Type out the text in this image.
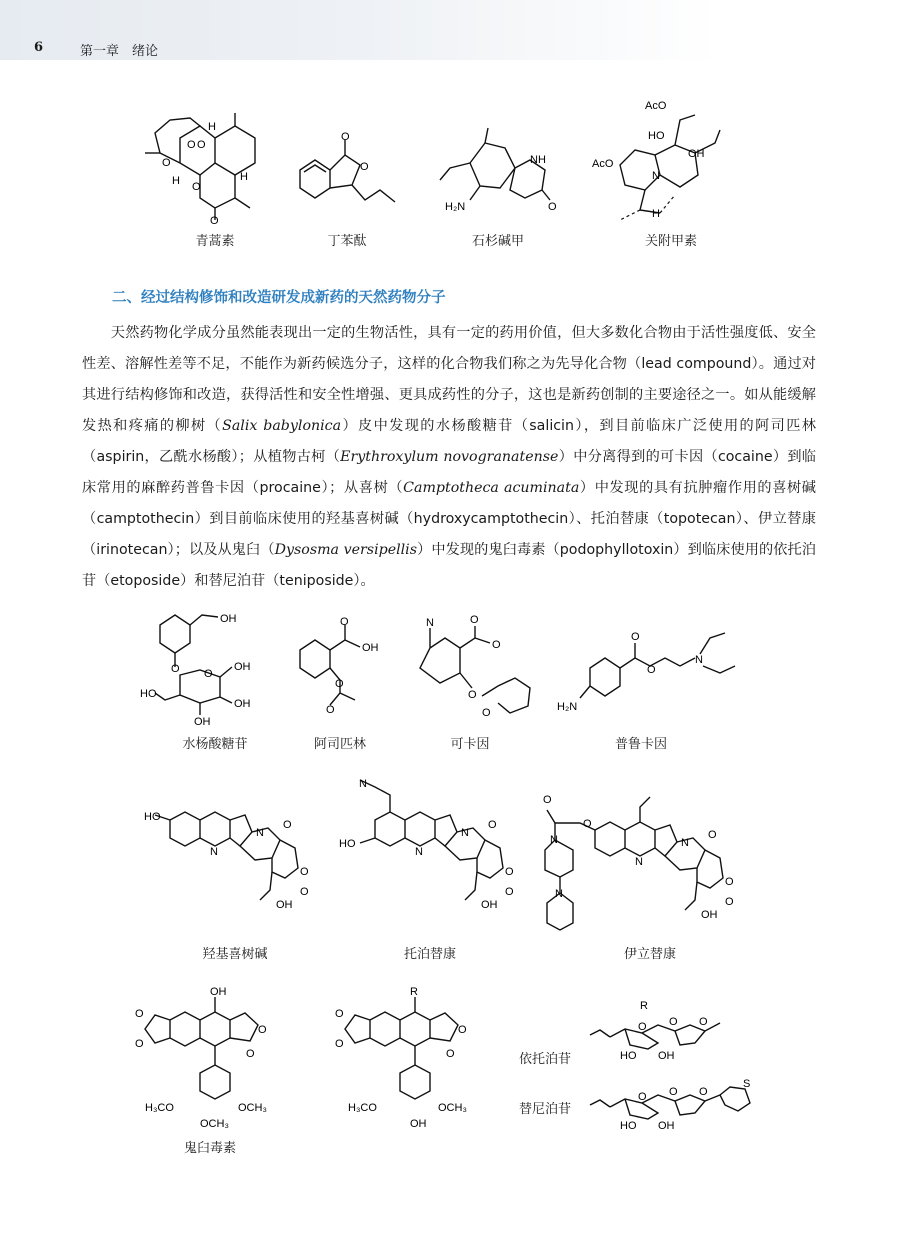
6	第一章　绪论
O O
O
H
H O
O
H
青蒿素
O
O
丁苯酞
NH
O
H₂N
石杉碱甲
AcO
HO
OH
AcO
N
H
关附甲素
二、经过结构修饰和改造研发成新药的天然药物分子
　　天然药物化学成分虽然能表现出一定的生物活性，具有一定的药用价值，但大多数化合物由于活性强度低、安全性差、溶解性差等不足，不能作为新药候选分子，这样的化合物我们称之为先导化合物（lead compound）。通过对其进行结构修饰和改造，获得活性和安全性增强、更具成药性的分子，这也是新药创制的主要途径之一。如从能缓解发热和疼痛的柳树（Salix babylonica）皮中发现的水杨酸糖苷（salicin），到目前临床广泛使用的阿司匹林（aspirin，乙酰水杨酸）；从植物古柯（Erythroxylum novogranatense）中分离得到的可卡因（cocaine）到临床常用的麻醉药普鲁卡因（procaine）；从喜树（Camptotheca acuminata）中发现的具有抗肿瘤作用的喜树碱（camptothecin）到目前临床使用的羟基喜树碱（hydroxycamptothecin）、托泊替康（topotecan）、伊立替康（irinotecan）；以及从鬼臼（Dysosma versipellis）中发现的鬼臼毒素（podophyllotoxin）到临床使用的依托泊苷（etoposide）和替尼泊苷（teniposide）。
OH
O O
OH
HO
OH
OH
水杨酸糖苷
O
OH
O
O
阿司匹林
N	O
O
O
O
可卡因
O
O
N
H₂N
普鲁卡因
HO
N
N
O
O
O
OH
羟基喜树碱
N
HO
N
N
O
O
O
OH
托泊替康
O
O
N
N
N
N
O
O
O
OH
伊立替康
OH
O
O
O
O
H₃CO	OCH₃
OCH₃
鬼臼毒素
R
O
O
O
O
H₃CO	OCH₃
OH
R
O O O
HO OH
依托泊苷
O O O
HO OH
S
替尼泊苷
